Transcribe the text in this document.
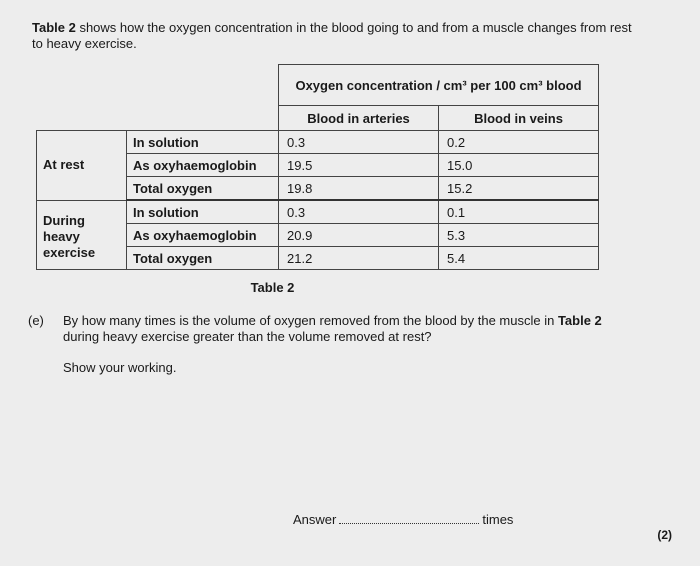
Table 2 shows how the oxygen concentration in the blood going to and from a muscle changes from rest to heavy exercise.
		Oxygen concentration / cm³ per 100 cm³ blood	
		Blood in arteries	Blood in veins
At rest	In solution	0.3	0.2
	As oxyhaemoglobin	19.5	15.0
	Total oxygen	19.8	15.2
During heavy exercise	In solution	0.3	0.1
	As oxyhaemoglobin	20.9	5.3
	Total oxygen	21.2	5.4
Table 2
(e) By how many times is the volume of oxygen removed from the blood by the muscle in Table 2 during heavy exercise greater than the volume removed at rest?
Show your working.
Answer	times
(2)
